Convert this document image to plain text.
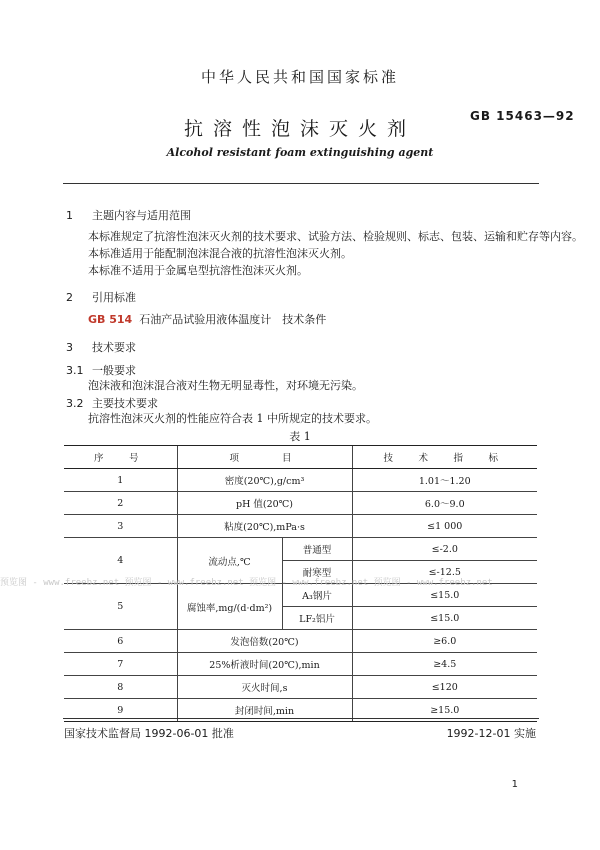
中华人民共和国国家标准
GB 15463—92
抗溶性泡沫灭火剂
Alcohol resistant foam extinguishing agent
1 主题内容与适用范围
本标准规定了抗溶性泡沫灭火剂的技术要求、试验方法、检验规则、标志、包装、运输和贮存等内容。
本标准适用于能配制泡沫混合液的抗溶性泡沫灭火剂。
本标准不适用于金属皂型抗溶性泡沫灭火剂。
2 引用标准
GB 514 石油产品试验用液体温度计　技术条件
3 技术要求
3.1 一般要求
泡沫液和泡沫混合液对生物无明显毒性，对环境无污染。
3.2 主要技术要求
抗溶性泡沫灭火剂的性能应符合表 1 中所规定的技术要求。
表 1
序　号	项　　目		技　术　指　标
1	密度(20℃),g/cm³		1.01～1.20
2	pH 值(20℃)		6.0～9.0
3	粘度(20℃),mPa·s		≤1 000
4	流动点,℃	普通型	≤-2.0
		耐寒型	≤-12.5
5	腐蚀率,mg/(d·dm²)	A₃钢片	≤15.0
		LF₂铝片	≤15.0
6	发泡倍数(20℃)		≥6.0
7	25%析液时间(20℃),min		≥4.5
8	灭火时间,s		≤120
9	封闭时间,min		≥15.0
预览图 - www.freebz.net 预览图 - www.freebz.net 预览图 - www.freebz.net 预览图 - www.freebz.net
国家技术监督局 1992-06-01 批准	1992-12-01 实施
1
